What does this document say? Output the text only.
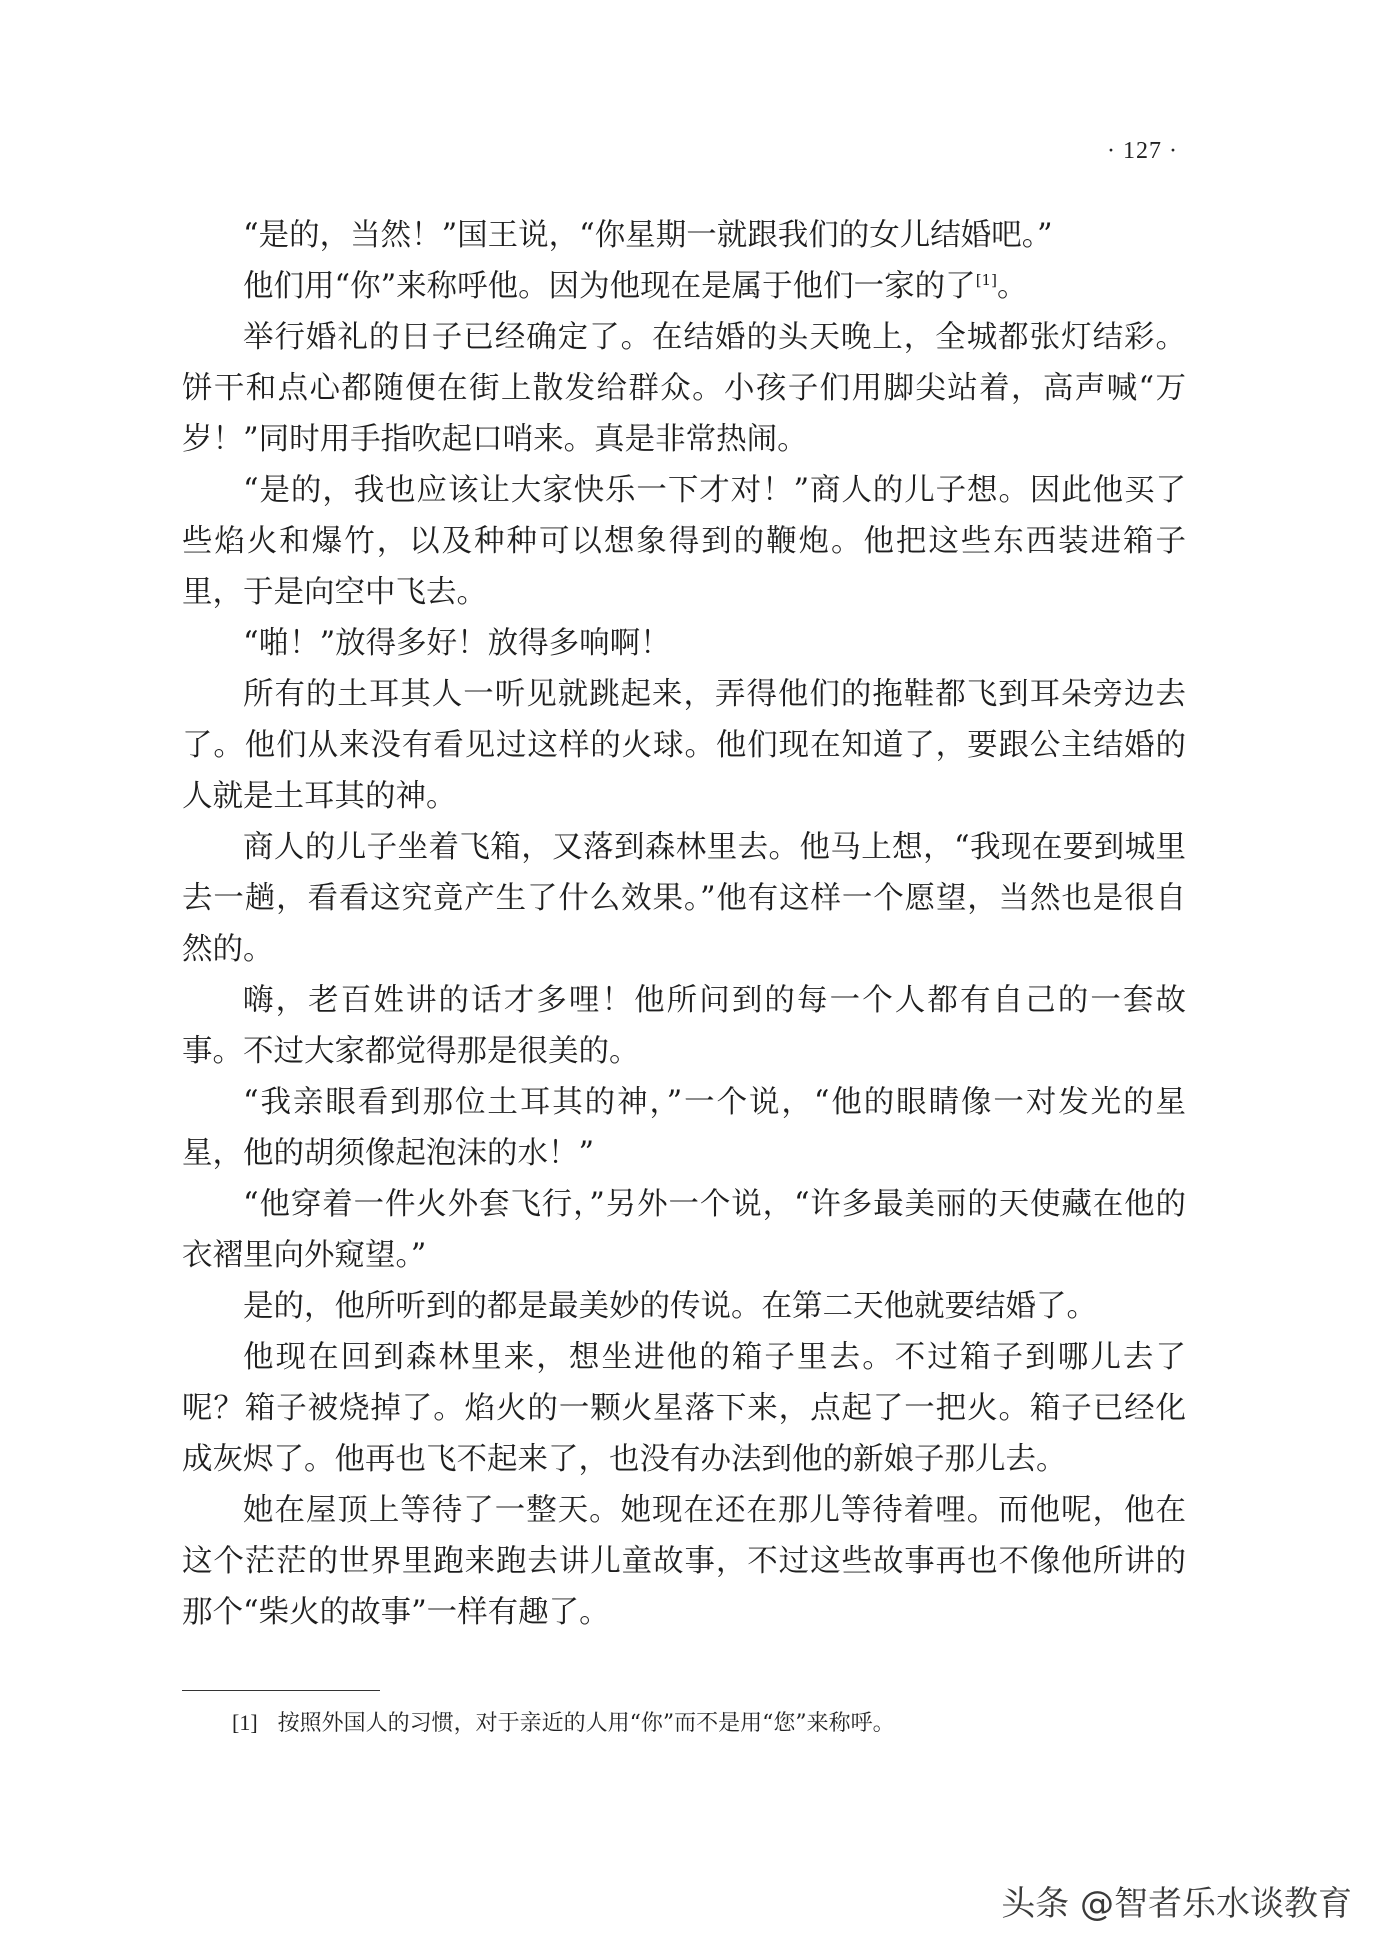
· 127 ·

“是的，当然！”国王说，“你星期一就跟我们的女儿结婚吧。”

他们用“你”来称呼他。因为他现在是属于他们一家的了[1]。

举行婚礼的日子已经确定了。在结婚的头天晚上，全城都张灯结彩。饼干和点心都随便在街上散发给群众。小孩子们用脚尖站着，高声喊“万岁！”同时用手指吹起口哨来。真是非常热闹。

“是的，我也应该让大家快乐一下才对！”商人的儿子想。因此他买了些焰火和爆竹，以及种种可以想象得到的鞭炮。他把这些东西装进箱子里，于是向空中飞去。

“啪！”放得多好！放得多响啊！

所有的土耳其人一听见就跳起来，弄得他们的拖鞋都飞到耳朵旁边去了。他们从来没有看见过这样的火球。他们现在知道了，要跟公主结婚的人就是土耳其的神。

商人的儿子坐着飞箱，又落到森林里去。他马上想，“我现在要到城里去一趟，看看这究竟产生了什么效果。”他有这样一个愿望，当然也是很自然的。

嗨，老百姓讲的话才多哩！他所问到的每一个人都有自己的一套故事。不过大家都觉得那是很美的。

“我亲眼看到那位土耳其的神，”一个说，“他的眼睛像一对发光的星星，他的胡须像起泡沫的水！”

“他穿着一件火外套飞行，”另外一个说，“许多最美丽的天使藏在他的衣褶里向外窥望。”

是的，他所听到的都是最美妙的传说。在第二天他就要结婚了。

他现在回到森林里来，想坐进他的箱子里去。不过箱子到哪儿去了呢？箱子被烧掉了。焰火的一颗火星落下来，点起了一把火。箱子已经化成灰烬了。他再也飞不起来了，也没有办法到他的新娘子那儿去。

她在屋顶上等待了一整天。她现在还在那儿等待着哩。而他呢，他在这个茫茫的世界里跑来跑去讲儿童故事，不过这些故事再也不像他所讲的那个“柴火的故事”一样有趣了。

[1] 按照外国人的习惯，对于亲近的人用“你”而不是用“您”来称呼。
头条 @智者乐水谈教育
